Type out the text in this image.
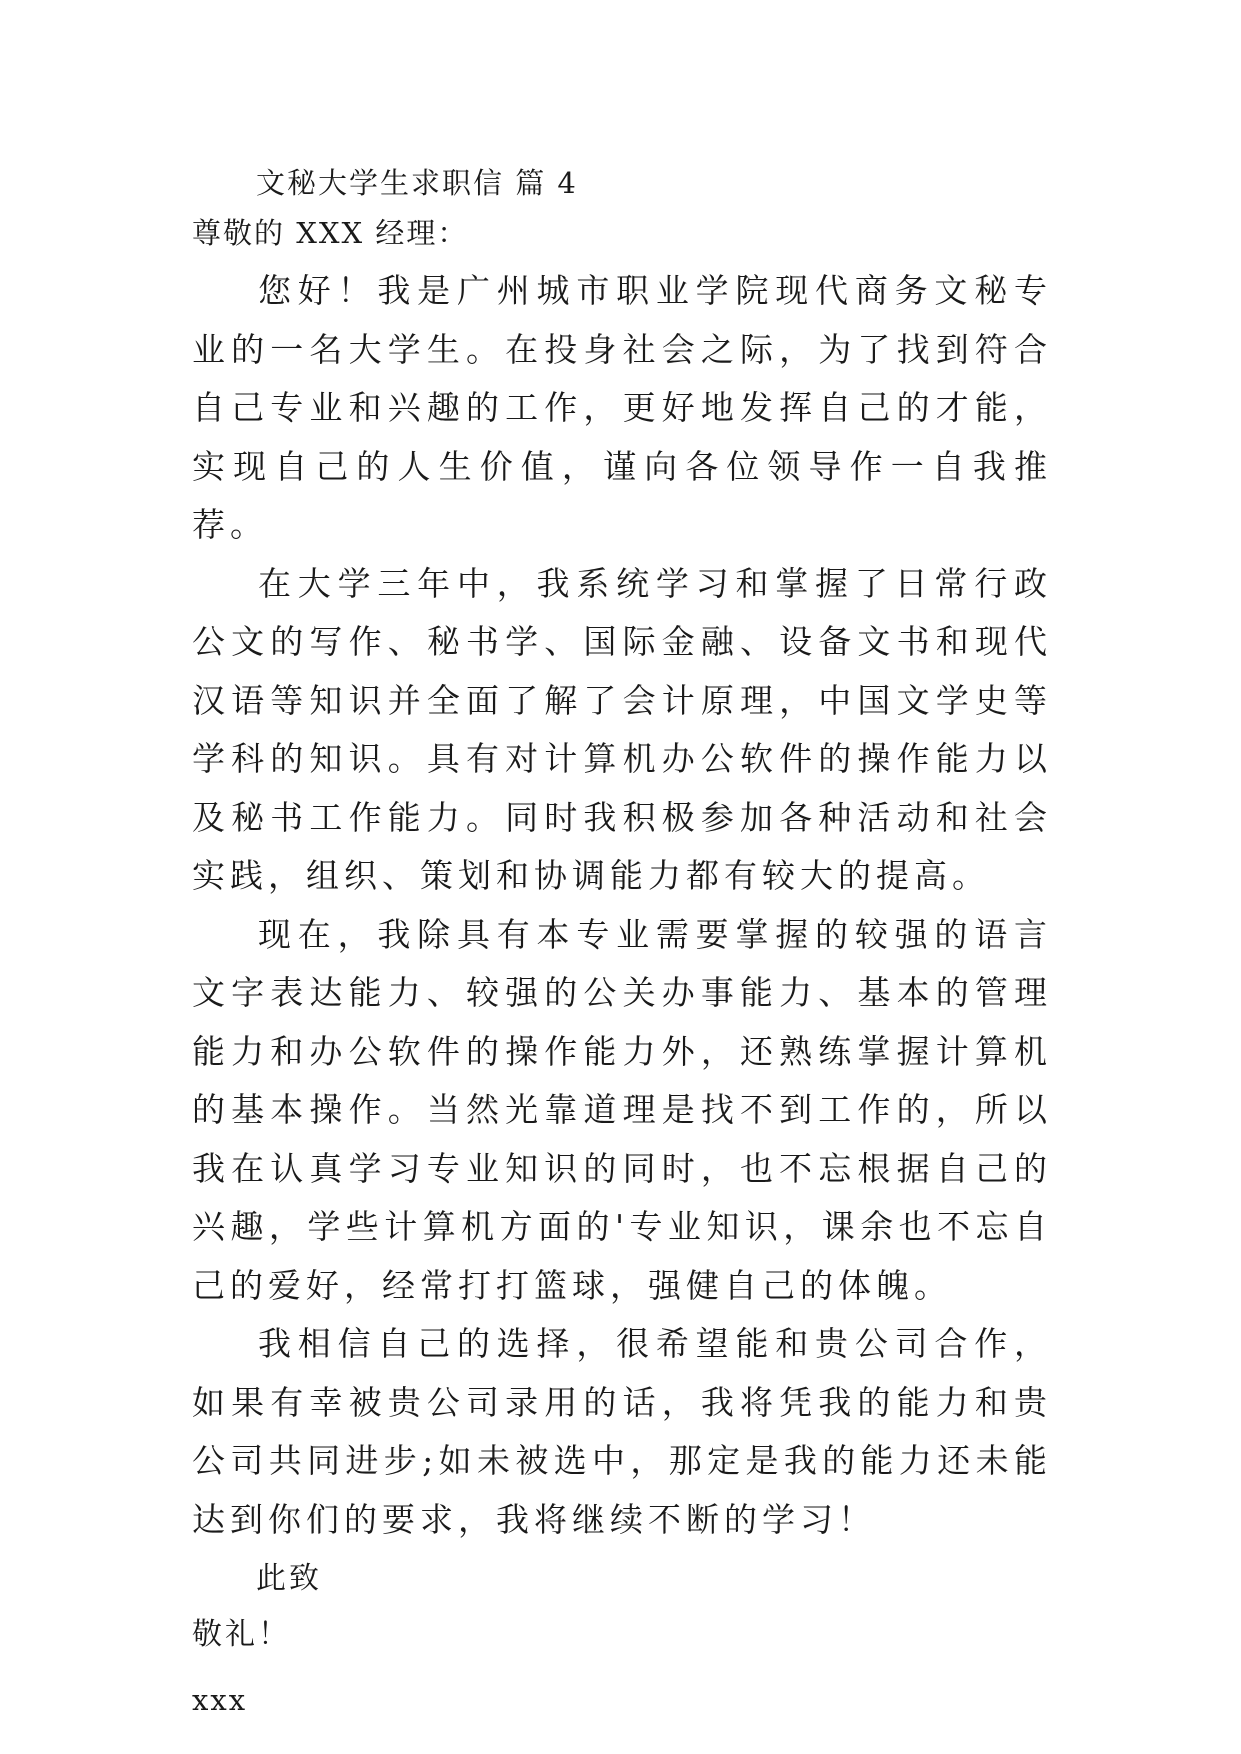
文秘大学生求职信 篇 4
尊敬的 XXX 经理：

您好！我是广州城市职业学院现代商务文秘专业的一名大学生。在投身社会之际，为了找到符合自己专业和兴趣的工作，更好地发挥自己的才能，实现自己的人生价值，谨向各位领导作一自我推荐。

在大学三年中，我系统学习和掌握了日常行政公文的写作、秘书学、国际金融、设备文书和现代汉语等知识并全面了解了会计原理，中国文学史等学科的知识。具有对计算机办公软件的操作能力以及秘书工作能力。同时我积极参加各种活动和社会实践，组织、策划和协调能力都有较大的提高。

现在，我除具有本专业需要掌握的较强的语言文字表达能力、较强的公关办事能力、基本的管理能力和办公软件的操作能力外，还熟练掌握计算机的基本操作。当然光靠道理是找不到工作的，所以我在认真学习专业知识的同时，也不忘根据自己的兴趣，学些计算机方面的'专业知识，课余也不忘自己的爱好，经常打打篮球，强健自己的体魄。

我相信自己的选择，很希望能和贵公司合作，如果有幸被贵公司录用的话，我将凭我的能力和贵公司共同进步;如未被选中，那定是我的能力还未能达到你们的要求，我将继续不断的学习！

此致
敬礼！
xxx
